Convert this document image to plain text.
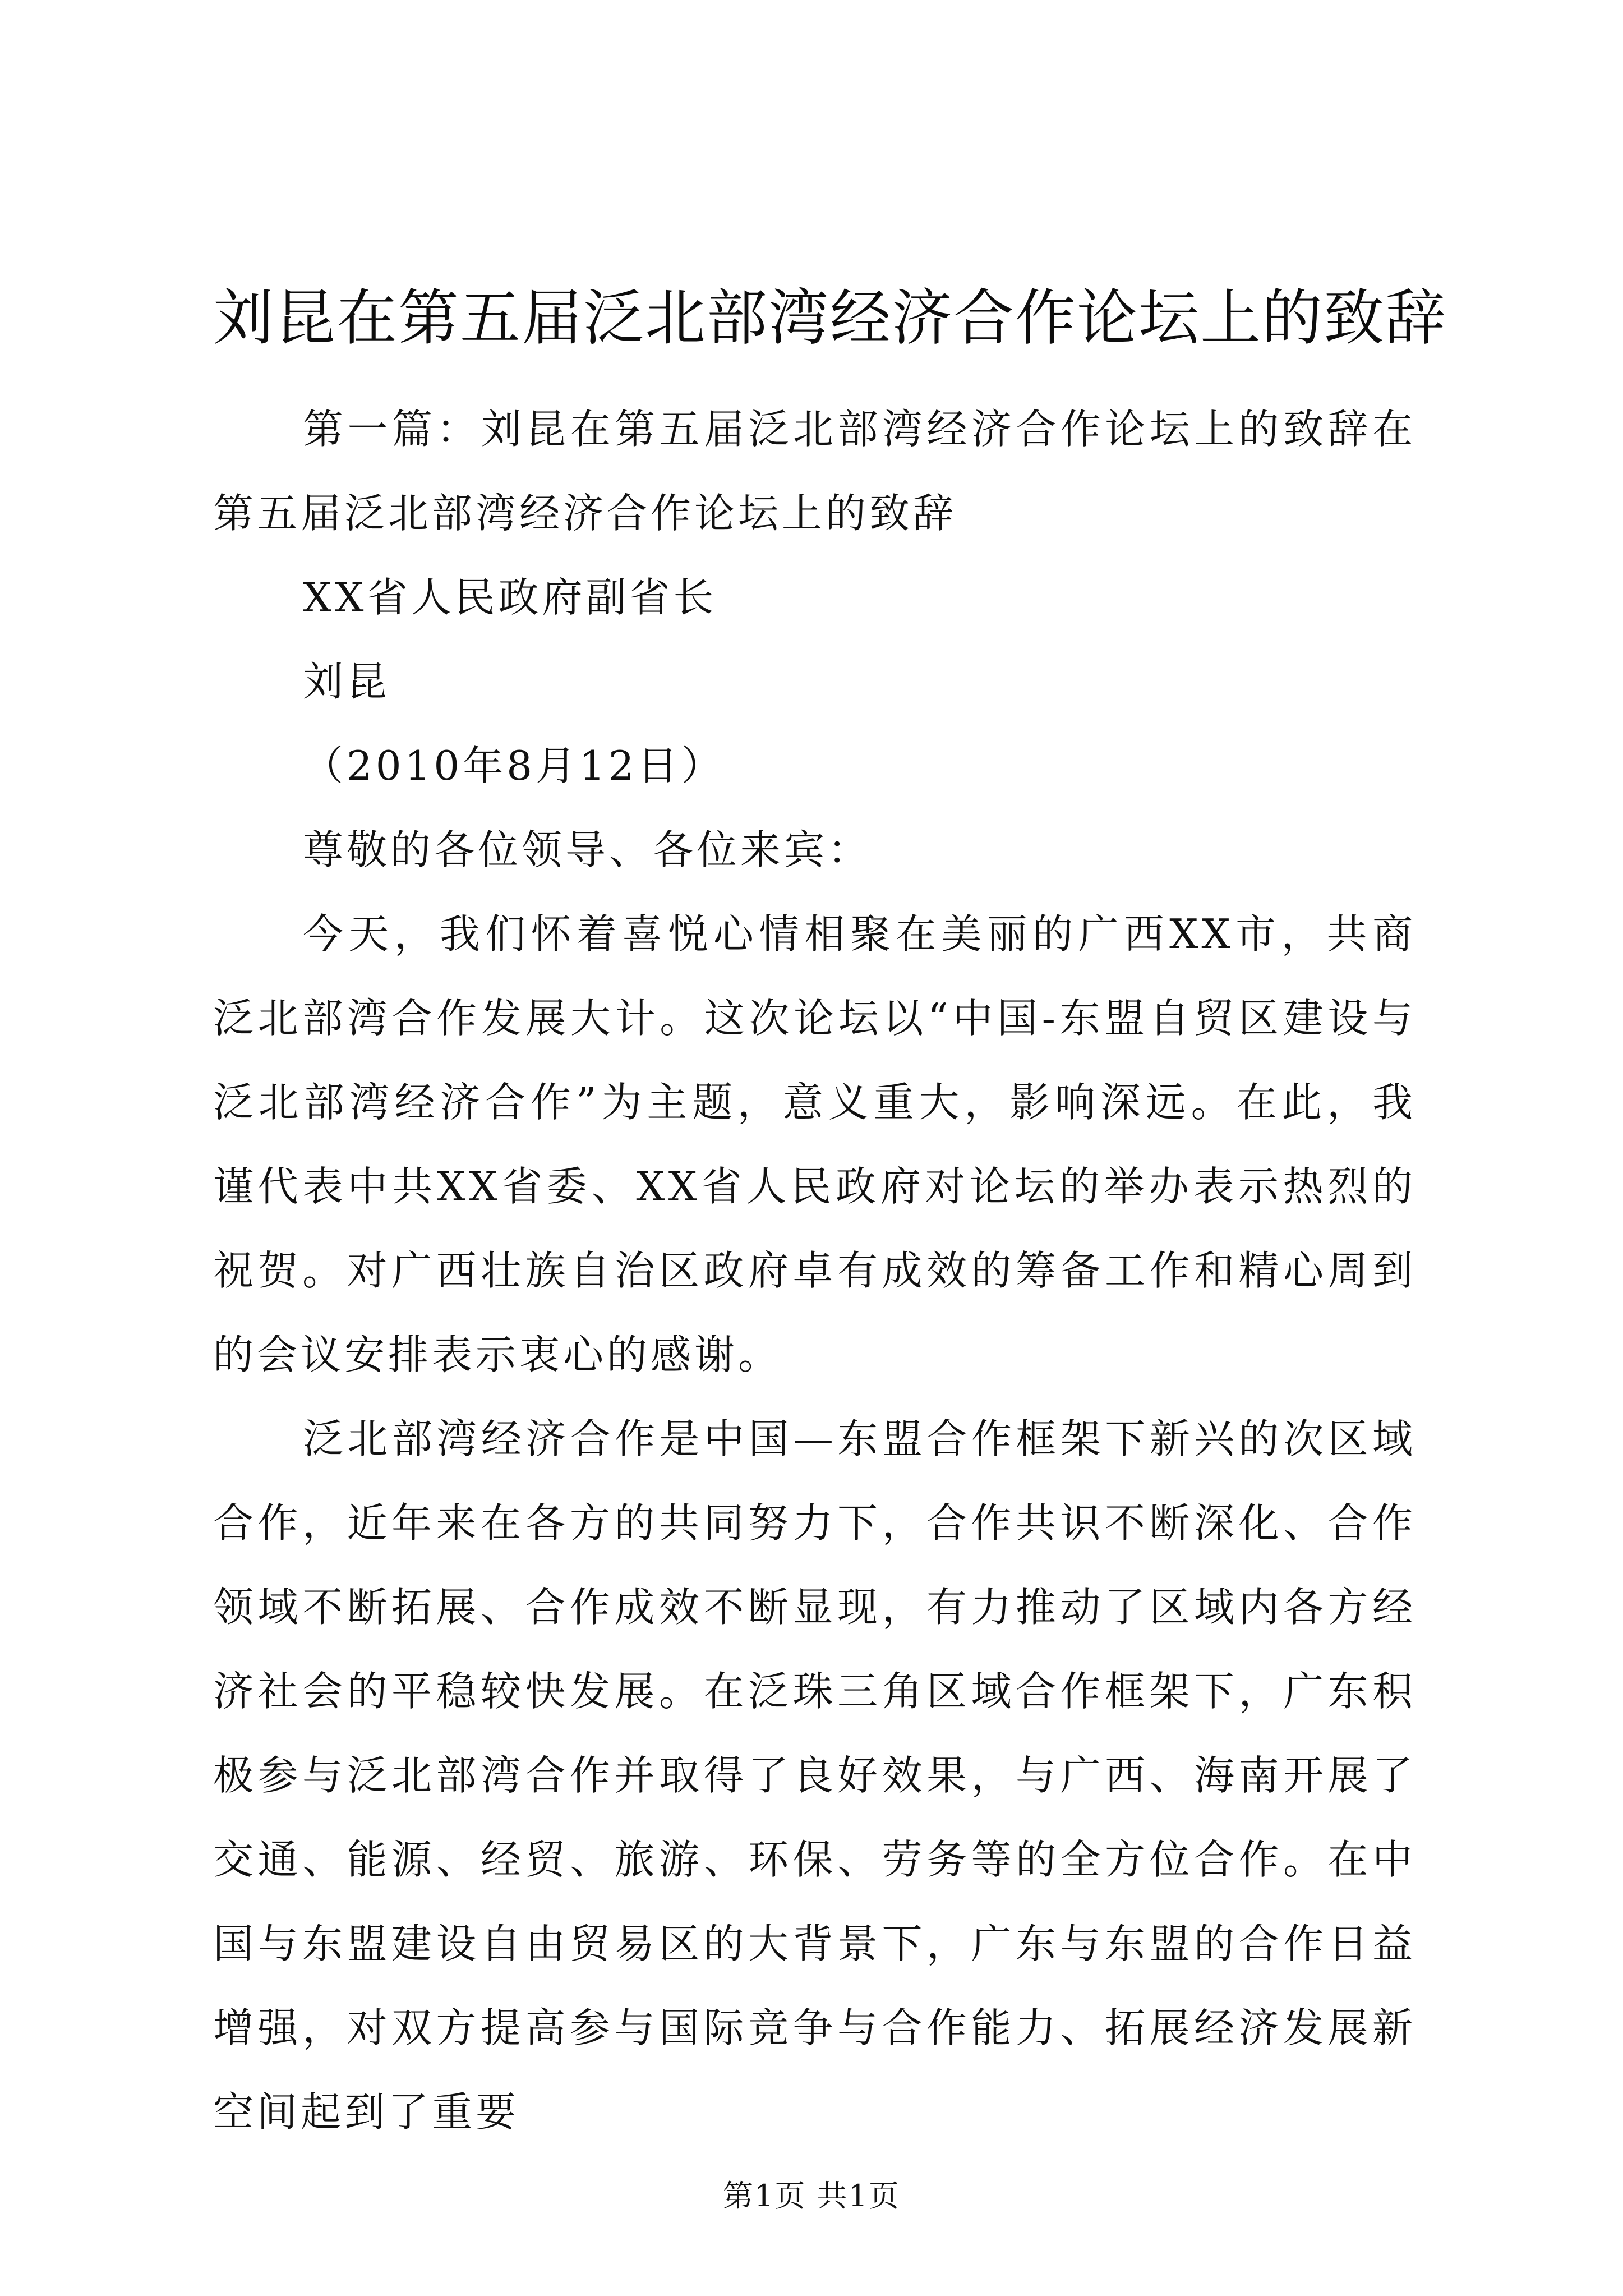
刘昆在第五届泛北部湾经济合作论坛上的致辞

第一篇：刘昆在第五届泛北部湾经济合作论坛上的致辞在第五届泛北部湾经济合作论坛上的致辞

XX省人民政府副省长

刘昆

（2010年8月12日）

尊敬的各位领导、各位来宾：

今天，我们怀着喜悦心情相聚在美丽的广西XX市，共商泛北部湾合作发展大计。这次论坛以“中国-东盟自贸区建设与泛北部湾经济合作”为主题，意义重大，影响深远。在此，我谨代表中共XX省委、XX省人民政府对论坛的举办表示热烈的祝贺。对广西壮族自治区政府卓有成效的筹备工作和精心周到的会议安排表示衷心的感谢。

泛北部湾经济合作是中国—东盟合作框架下新兴的次区域合作，近年来在各方的共同努力下，合作共识不断深化、合作领域不断拓展、合作成效不断显现，有力推动了区域内各方经济社会的平稳较快发展。在泛珠三角区域合作框架下，广东积极参与泛北部湾合作并取得了良好效果，与广西、海南开展了交通、能源、经贸、旅游、环保、劳务等的全方位合作。在中国与东盟建设自由贸易区的大背景下，广东与东盟的合作日益增强，对双方提高参与国际竞争与合作能力、拓展经济发展新空间起到了重要

第1页 共1页
